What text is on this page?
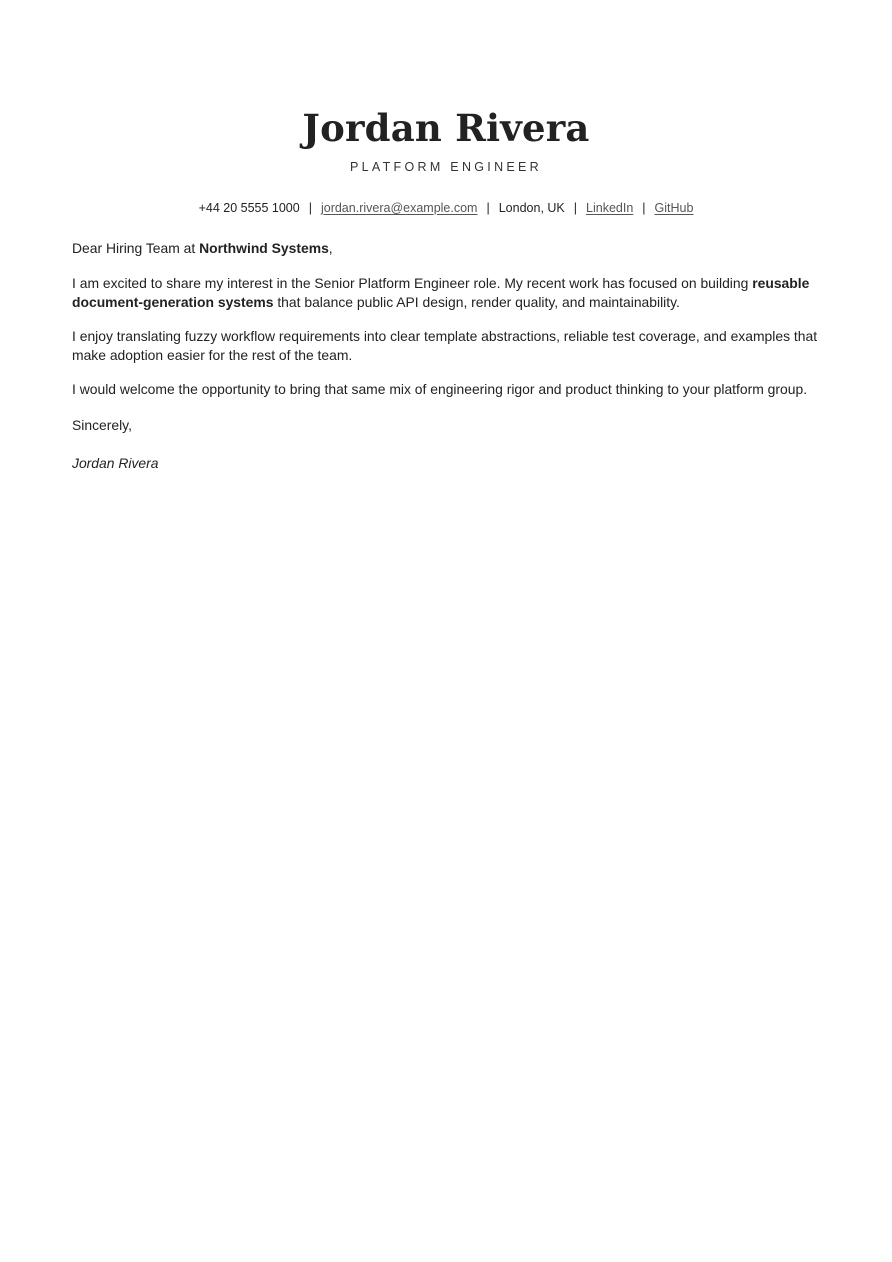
Jordan Rivera
PLATFORM ENGINEER
+44 20 5555 1000 | jordan.rivera@example.com | London, UK | LinkedIn | GitHub

Dear Hiring Team at Northwind Systems,

I am excited to share my interest in the Senior Platform Engineer role. My recent work has focused on building reusable document-generation systems that balance public API design, render quality, and maintainability.

I enjoy translating fuzzy workflow requirements into clear template abstractions, reliable test coverage, and examples that make adoption easier for the rest of the team.

I would welcome the opportunity to bring that same mix of engineering rigor and product thinking to your platform group.

Sincerely,

Jordan Rivera
